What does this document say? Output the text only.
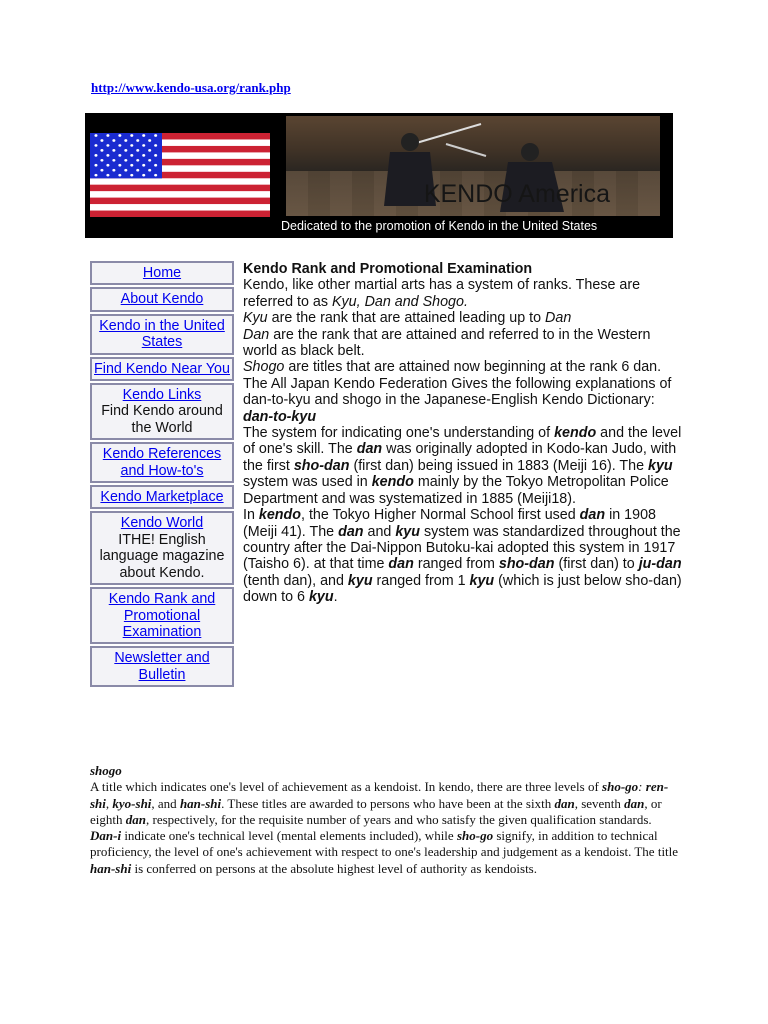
http://www.kendo-usa.org/rank.php
KENDO America
Dedicated to the promotion of Kendo in the United States
Home
About Kendo
Kendo in the United States
Find Kendo Near You
Kendo Links
Find Kendo around
the World
Kendo References and How-to's
Kendo Marketplace
Kendo World
ITHE! English language magazine about Kendo.
Kendo Rank and Promotional Examination
Newsletter and Bulletin

Kendo Rank and Promotional Examination

Kendo, like other martial arts has a system of ranks. These are referred to as Kyu, Dan and Shogo.

Kyu are the rank that are attained leading up to Dan

Dan are the rank that are attained and referred to in the Western world as black belt.

Shogo are titles that are attained now beginning at the rank 6 dan.

The All Japan Kendo Federation Gives the following explanations of dan-to-kyu and shogo in the Japanese-English Kendo Dictionary:

dan-to-kyu

The system for indicating one's understanding of kendo and the level of one's skill. The dan was originally adopted in Kodo-kan Judo, with the first sho-dan (first dan) being issued in 1883 (Meiji 16). The kyu system was used in kendo mainly by the Tokyo Metropolitan Police Department and was systematized in 1885 (Meiji18).

In kendo, the Tokyo Higher Normal School first used dan in 1908 (Meiji 41). The dan and kyu system was standardized throughout the country after the Dai-Nippon Butoku-kai adopted this system in 1917 (Taisho 6). at that time dan ranged from sho-dan (first dan) to ju-dan (tenth dan), and kyu ranged from 1 kyu (which is just below sho-dan) down to 6 kyu.

shogo

A title which indicates one's level of achievement as a kendoist. In kendo, there are three levels of sho-go: ren-shi, kyo-shi, and han-shi. These titles are awarded to persons who have been at the sixth dan, seventh dan, or eighth dan, respectively, for the requisite number of years and who satisfy the given qualification standards. Dan-i indicate one's technical level (mental elements included), while sho-go signify, in addition to technical proficiency, the level of one's achievement with respect to one's leadership and judgement as a kendoist. The title han-shi is conferred on persons at the absolute highest level of authority as kendoists.
